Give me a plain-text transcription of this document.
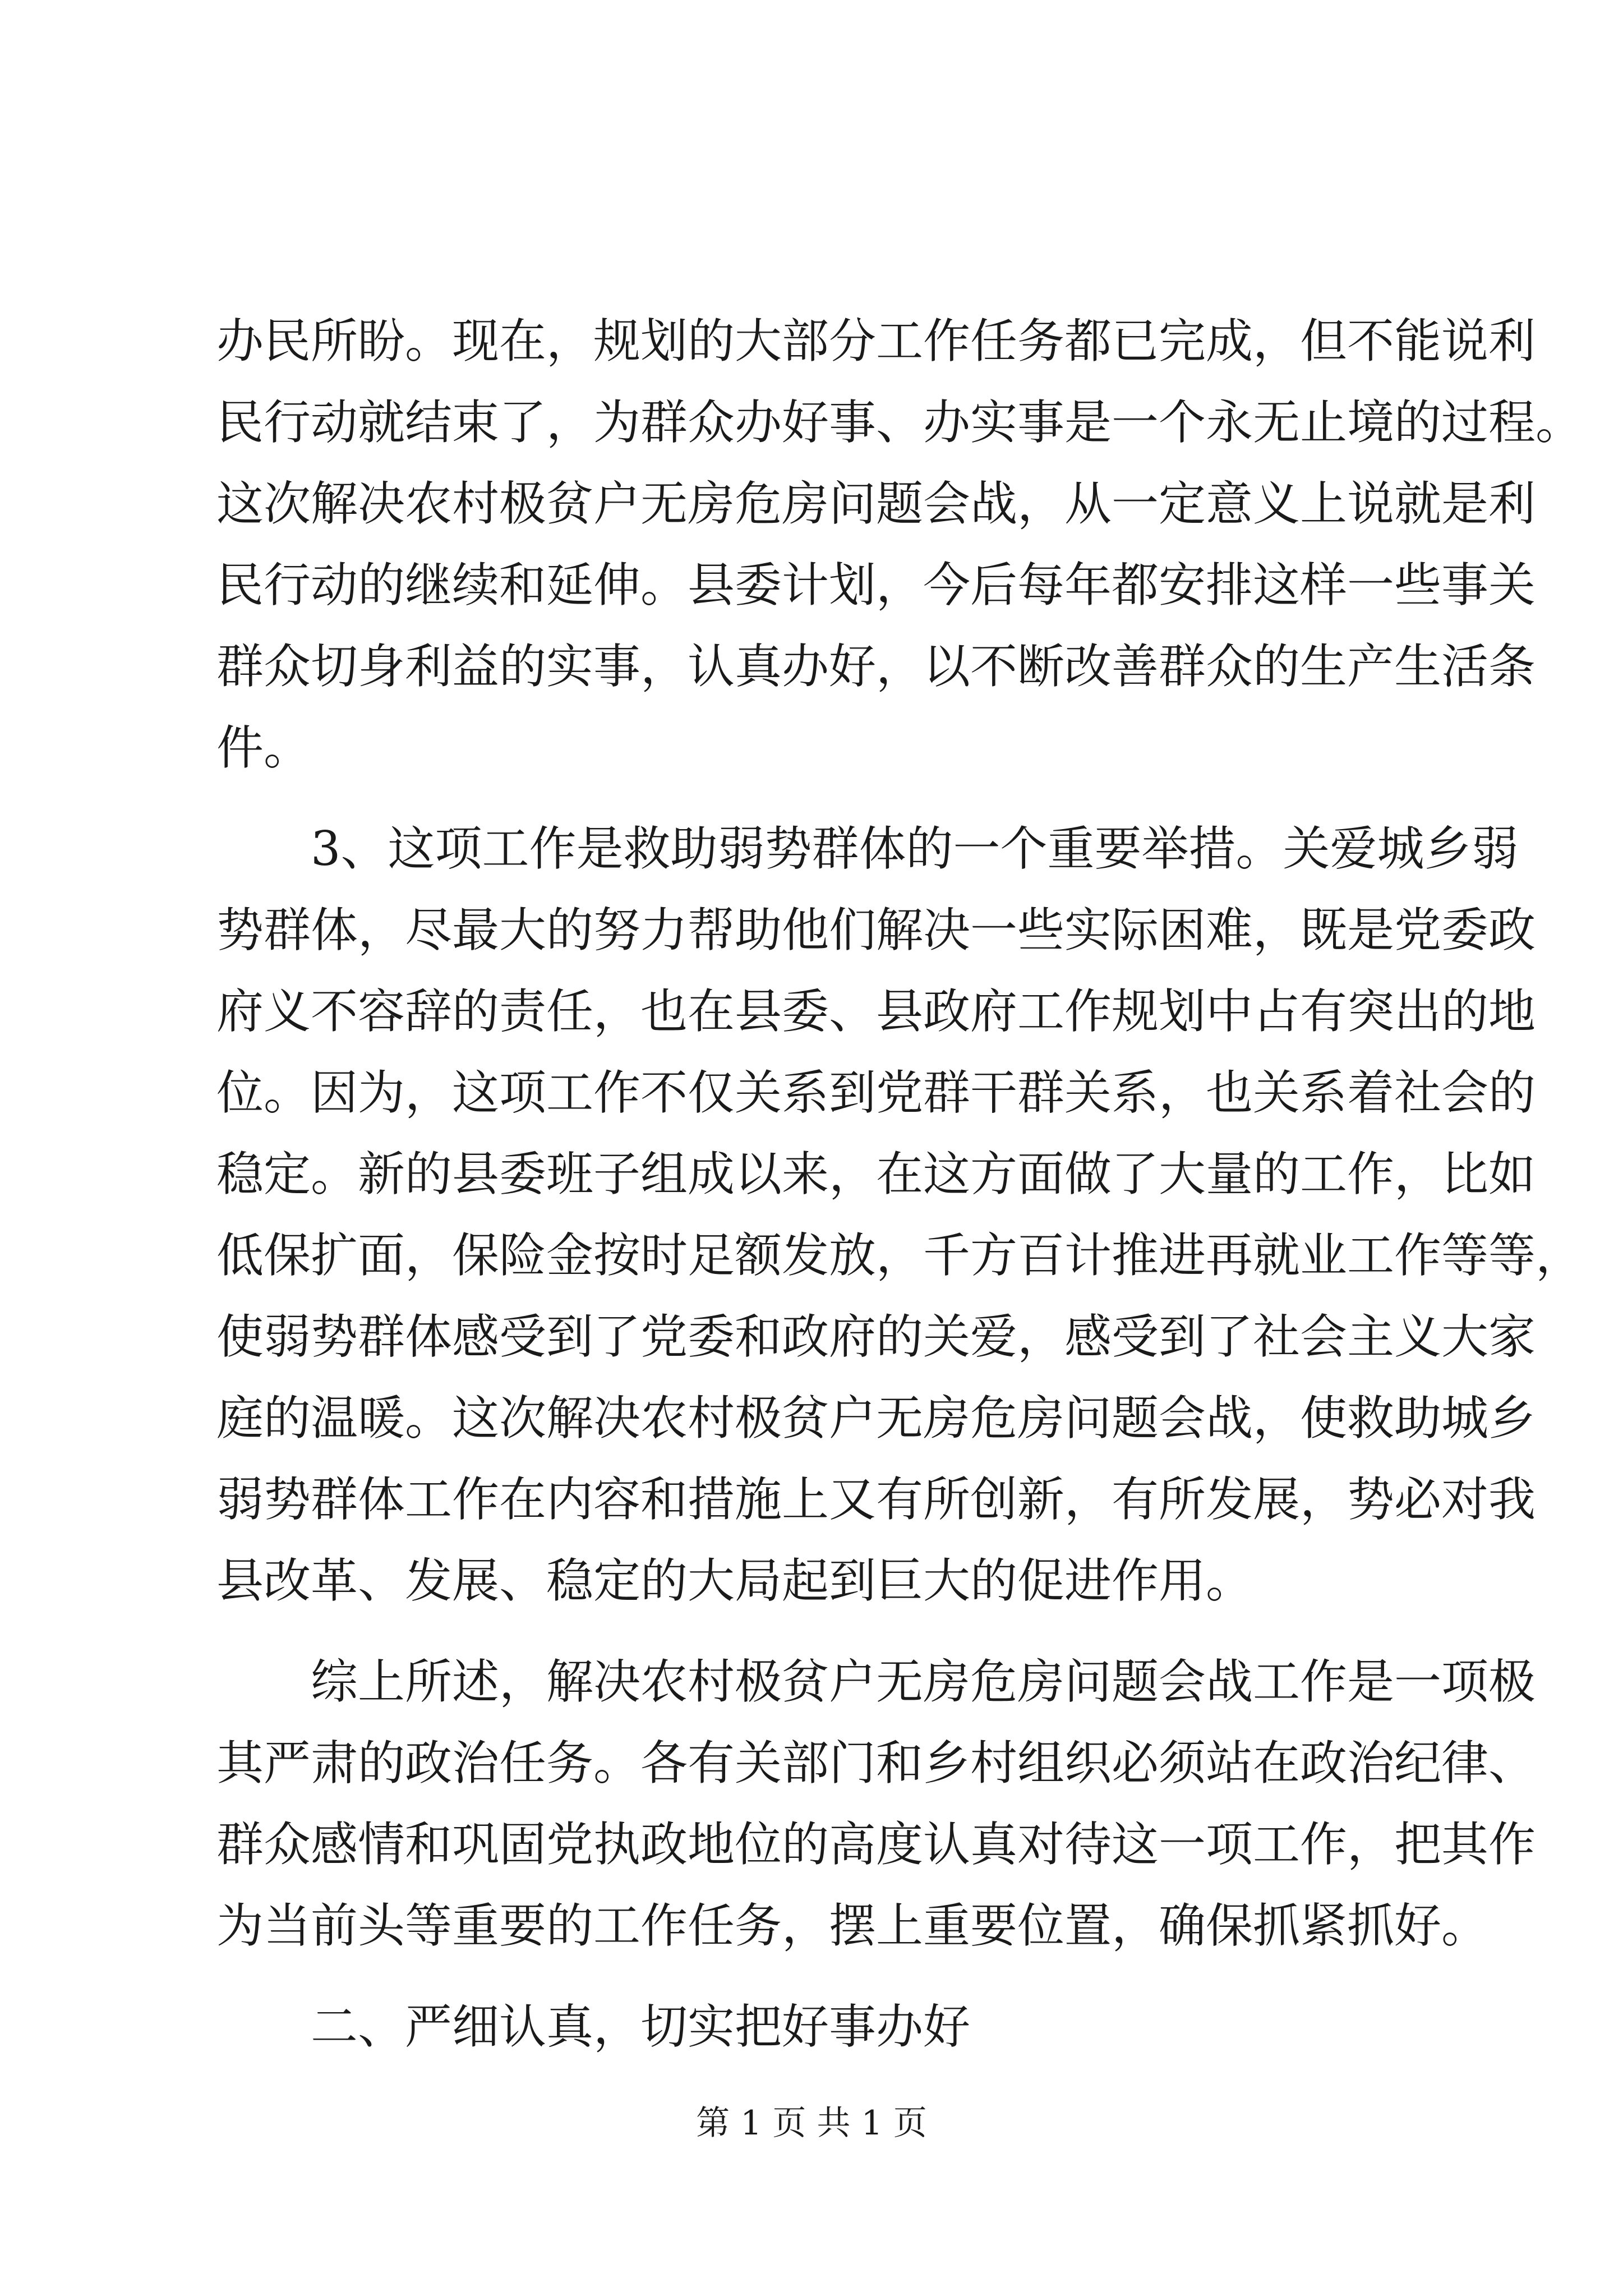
办民所盼。现在，规划的大部分工作任务都已完成，但不能说利
民行动就结束了，为群众办好事、办实事是一个永无止境的过程。
这次解决农村极贫户无房危房问题会战，从一定意义上说就是利
民行动的继续和延伸。县委计划，今后每年都安排这样一些事关
群众切身利益的实事，认真办好，以不断改善群众的生产生活条
件。
3、这项工作是救助弱势群体的一个重要举措。关爱城乡弱
势群体，尽最大的努力帮助他们解决一些实际困难，既是党委政
府义不容辞的责任，也在县委、县政府工作规划中占有突出的地
位。因为，这项工作不仅关系到党群干群关系，也关系着社会的
稳定。新的县委班子组成以来，在这方面做了大量的工作，比如
低保扩面，保险金按时足额发放，千方百计推进再就业工作等等，
使弱势群体感受到了党委和政府的关爱，感受到了社会主义大家
庭的温暖。这次解决农村极贫户无房危房问题会战，使救助城乡
弱势群体工作在内容和措施上又有所创新，有所发展，势必对我
县改革、发展、稳定的大局起到巨大的促进作用。
综上所述，解决农村极贫户无房危房问题会战工作是一项极
其严肃的政治任务。各有关部门和乡村组织必须站在政治纪律、
群众感情和巩固党执政地位的高度认真对待这一项工作，把其作
为当前头等重要的工作任务，摆上重要位置，确保抓紧抓好。
二、严细认真，切实把好事办好
第 1 页 共 1 页
